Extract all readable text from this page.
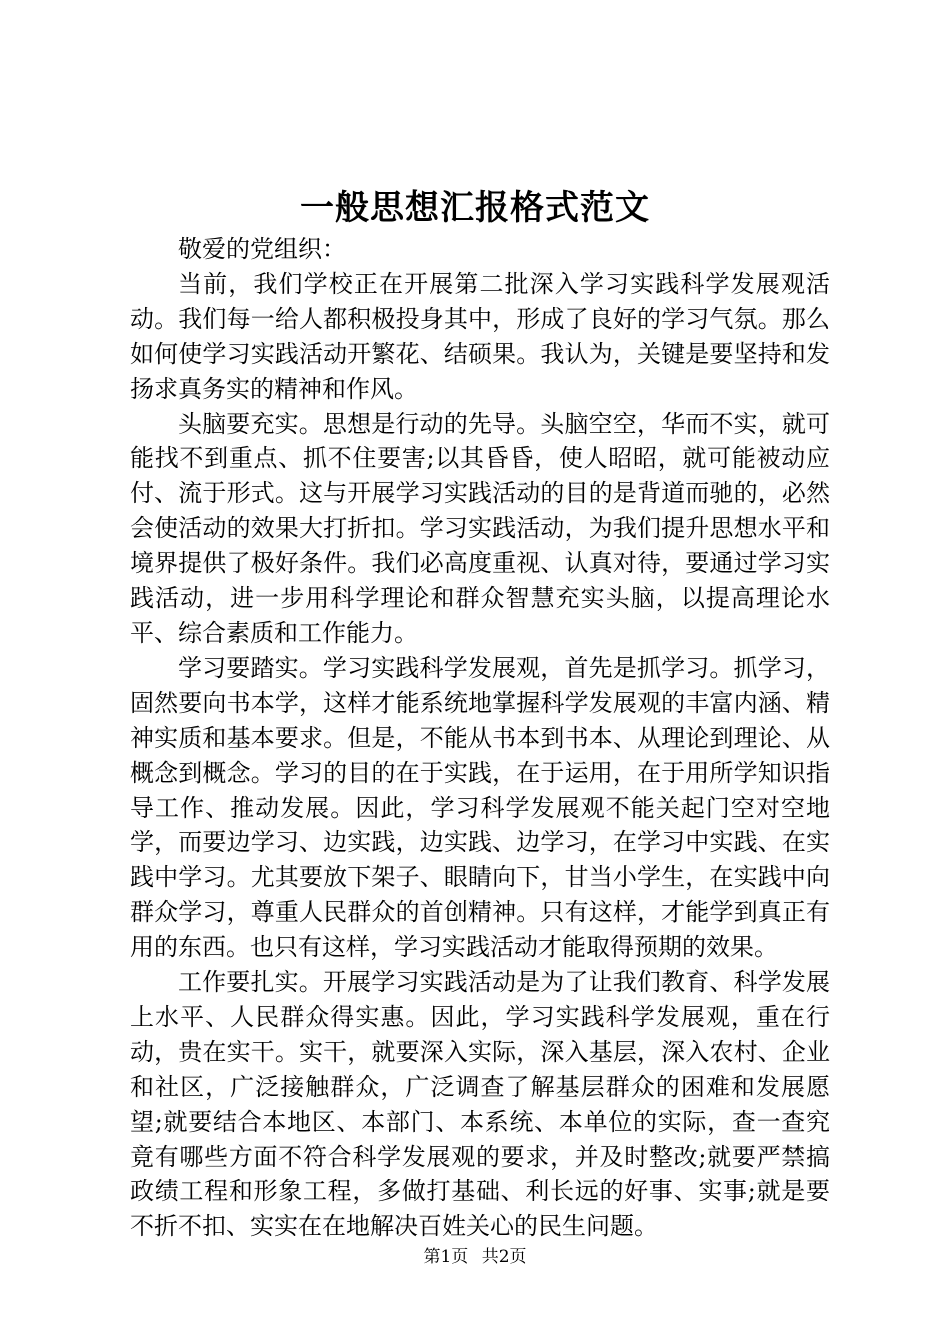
一般思想汇报格式范文

敬爱的党组织：

当前，我们学校正在开展第二批深入学习实践科学发展观活动。我们每一给人都积极投身其中，形成了良好的学习气氛。那么如何使学习实践活动开繁花、结硕果。我认为，关键是要坚持和发扬求真务实的精神和作风。

头脑要充实。思想是行动的先导。头脑空空，华而不实，就可能找不到重点、抓不住要害;以其昏昏，使人昭昭，就可能被动应付、流于形式。这与开展学习实践活动的目的是背道而驰的，必然会使活动的效果大打折扣。学习实践活动，为我们提升思想水平和境界提供了极好条件。我们必高度重视、认真对待，要通过学习实践活动，进一步用科学理论和群众智慧充实头脑，以提高理论水平、综合素质和工作能力。

学习要踏实。学习实践科学发展观，首先是抓学习。抓学习，固然要向书本学，这样才能系统地掌握科学发展观的丰富内涵、精神实质和基本要求。但是，不能从书本到书本、从理论到理论、从概念到概念。学习的目的在于实践，在于运用，在于用所学知识指导工作、推动发展。因此，学习科学发展观不能关起门空对空地学，而要边学习、边实践，边实践、边学习，在学习中实践、在实践中学习。尤其要放下架子、眼睛向下，甘当小学生，在实践中向群众学习，尊重人民群众的首创精神。只有这样，才能学到真正有用的东西。也只有这样，学习实践活动才能取得预期的效果。

工作要扎实。开展学习实践活动是为了让我们教育、科学发展上水平、人民群众得实惠。因此，学习实践科学发展观，重在行动，贵在实干。实干，就要深入实际，深入基层，深入农村、企业和社区，广泛接触群众，广泛调查了解基层群众的困难和发展愿望;就要结合本地区、本部门、本系统、本单位的实际，查一查究竟有哪些方面不符合科学发展观的要求，并及时整改;就要严禁搞政绩工程和形象工程，多做打基础、利长远的好事、实事;就是要不折不扣、实实在在地解决百姓关心的民生问题。

第1页 共2页
